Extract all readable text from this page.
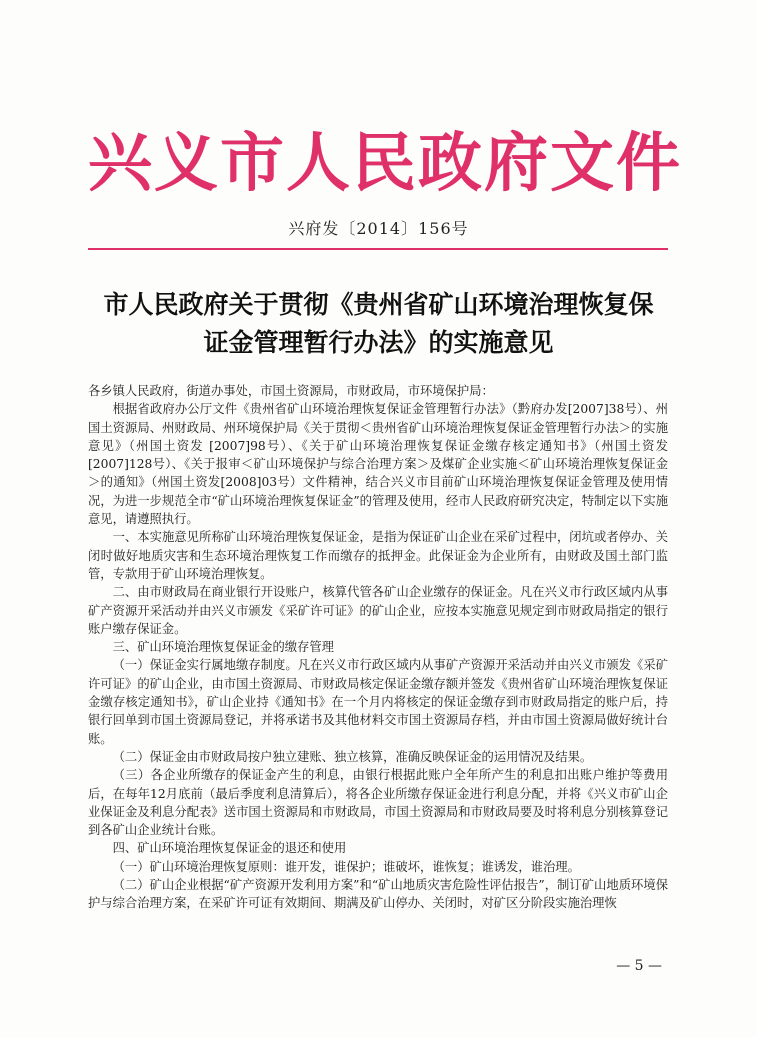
兴义市人民政府文件
兴府发〔2014〕156号
市人民政府关于贯彻《贵州省矿山环境治理恢复保
证金管理暂行办法》的实施意见

各乡镇人民政府，街道办事处，市国土资源局，市财政局，市环境保护局：

根据省政府办公厅文件《贵州省矿山环境治理恢复保证金管理暂行办法》（黔府办发[2007]38号）、州国土资源局、州财政局、州环境保护局《关于贯彻＜贵州省矿山环境治理恢复保证金管理暂行办法＞的实施意见》（州国土资发 [2007]98号）、《关于矿山环境治理恢复保证金缴存核定通知书》（州国土资发[2007]128号）、《关于报审＜矿山环境保护与综合治理方案＞及煤矿企业实施＜矿山环境治理恢复保证金＞的通知》（州国土资发[2008]03号）文件精神，结合兴义市目前矿山环境治理恢复保证金管理及使用情况，为进一步规范全市“矿山环境治理恢复保证金”的管理及使用，经市人民政府研究决定，特制定以下实施意见，请遵照执行。

一、本实施意见所称矿山环境治理恢复保证金，是指为保证矿山企业在采矿过程中，闭坑或者停办、关闭时做好地质灾害和生态环境治理恢复工作而缴存的抵押金。此保证金为企业所有，由财政及国土部门监管，专款用于矿山环境治理恢复。

二、由市财政局在商业银行开设账户，核算代管各矿山企业缴存的保证金。凡在兴义市行政区域内从事矿产资源开采活动并由兴义市颁发《采矿许可证》的矿山企业，应按本实施意见规定到市财政局指定的银行账户缴存保证金。

三、矿山环境治理恢复保证金的缴存管理

（一）保证金实行属地缴存制度。凡在兴义市行政区域内从事矿产资源开采活动并由兴义市颁发《采矿许可证》的矿山企业，由市国土资源局、市财政局核定保证金缴存额并签发《贵州省矿山环境治理恢复保证金缴存核定通知书》，矿山企业持《通知书》在一个月内将核定的保证金缴存到市财政局指定的账户后，持银行回单到市国土资源局登记，并将承诺书及其他材料交市国土资源局存档，并由市国土资源局做好统计台账。

（二）保证金由市财政局按户独立建账、独立核算，准确反映保证金的运用情况及结果。

（三）各企业所缴存的保证金产生的利息，由银行根据此账户全年所产生的利息扣出账户维护等费用后，在每年12月底前（最后季度利息清算后），将各企业所缴存保证金进行利息分配，并将《兴义市矿山企业保证金及利息分配表》送市国土资源局和市财政局，市国土资源局和市财政局要及时将利息分别核算登记到各矿山企业统计台账。

四、矿山环境治理恢复保证金的退还和使用

（一）矿山环境治理恢复原则：谁开发，谁保护；谁破坏，谁恢复；谁诱发，谁治理。

（二）矿山企业根据“矿产资源开发利用方案”和“矿山地质灾害危险性评估报告”，制订矿山地质环境保护与综合治理方案，在采矿许可证有效期间、期满及矿山停办、关闭时，对矿区分阶段实施治理恢

— 5 —
